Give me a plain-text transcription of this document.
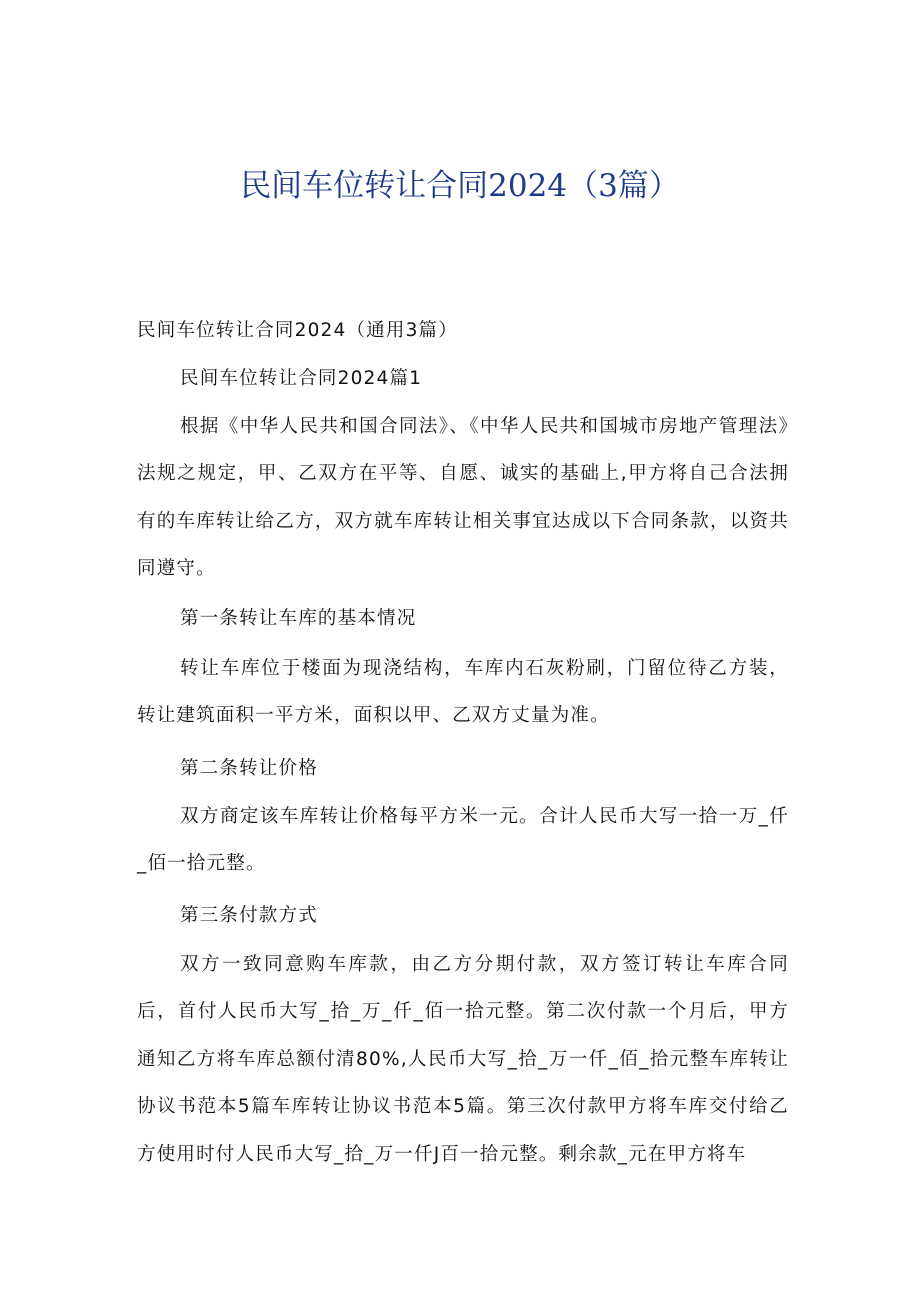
民间车位转让合同2024（3篇）
民间车位转让合同2024（通用3篇）
民间车位转让合同2024篇1
根据《中华人民共和国合同法》、《中华人民共和国城市房地产管理法》法规之规定，甲、乙双方在平等、自愿、诚实的基础上,甲方将自己合法拥有的车库转让给乙方，双方就车库转让相关事宜达成以下合同条款，以资共同遵守。
第一条转让车库的基本情况
转让车库位于楼面为现浇结构，车库内石灰粉刷，门留位待乙方装，转让建筑面积一平方米，面积以甲、乙双方丈量为准。
第二条转让价格
双方商定该车库转让价格每平方米一元。合计人民币大写一拾一万_仟_佰一拾元整。
第三条付款方式
双方一致同意购车库款，由乙方分期付款，双方签订转让车库合同后，首付人民币大写_拾_万_仟_佰一拾元整。第二次付款一个月后，甲方通知乙方将车库总额付清80%,人民币大写_拾_万一仟_佰_拾元整车库转让协议书范本5篇车库转让协议书范本5篇。第三次付款甲方将车库交付给乙方使用时付人民币大写_拾_万一仟J百一拾元整。剩余款_元在甲方将车
